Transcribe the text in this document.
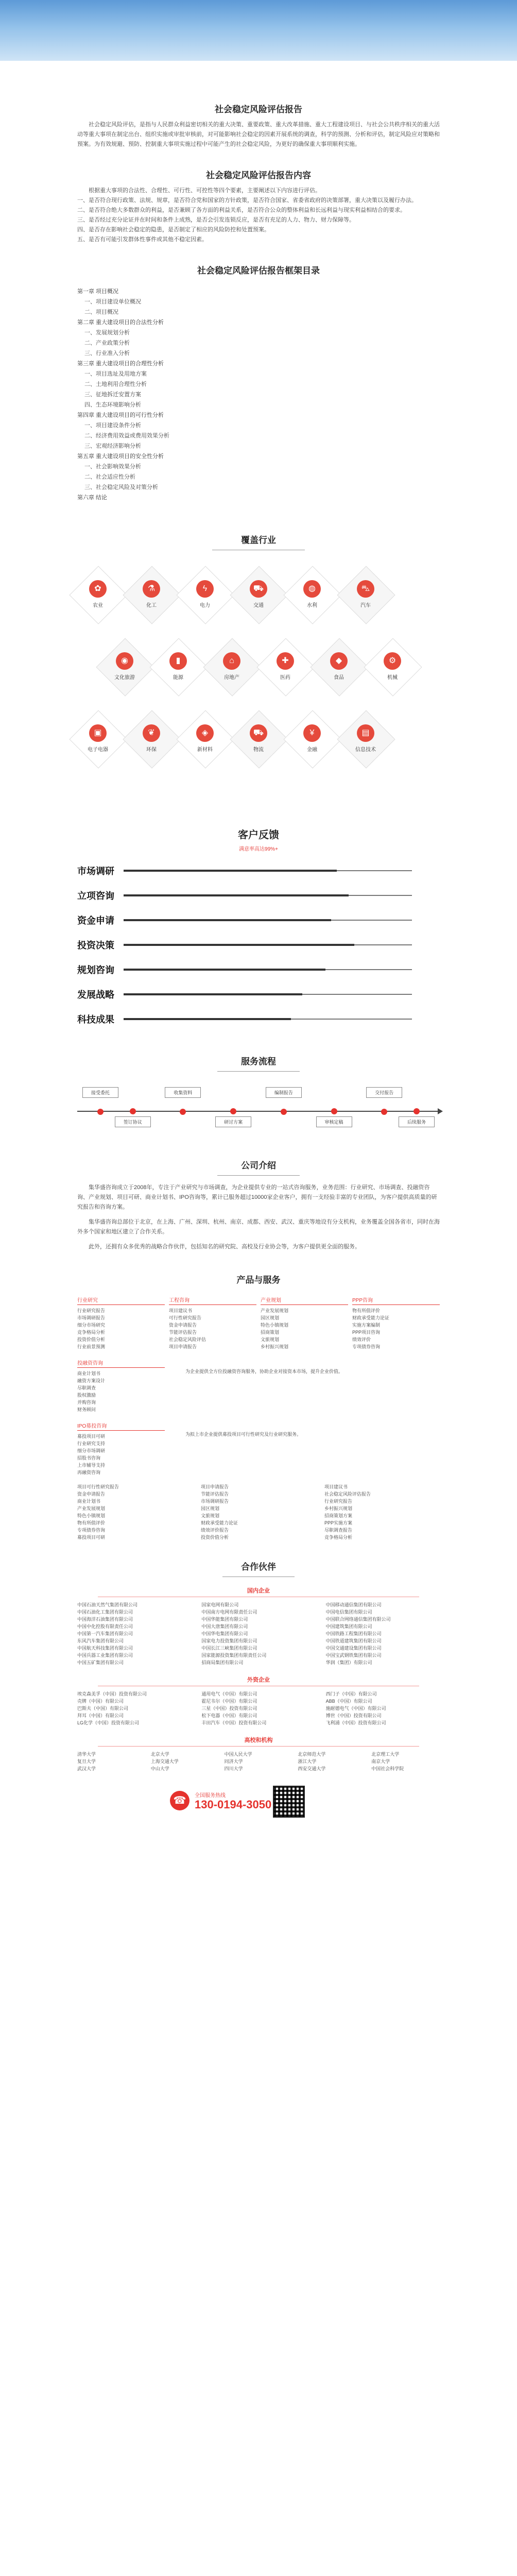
社会稳定风险评估报告

社会稳定风险评估，是指与人民群众利益密切相关的重大决策、重要政策、重大改革措施、重大工程建设项目、与社会公共秩序相关的重大活动等重大事项在制定出台、组织实施或审批审核前，对可能影响社会稳定的因素开展系统的调查，科学的预测、分析和评估，制定风险应对策略和预案。为有效规避、预防、控制重大事项实施过程中可能产生的社会稳定风险，为更好的确保重大事项顺利实施。

社会稳定风险评估报告内容

根据重大事项的合法性、合理性、可行性、可控性等四个要素，主要阐述以下内容进行评估。

一、是否符合现行政策、法规、规章，是否符合党和国家的方针政策，是否符合国家、省委省政府的决策部署，重大决策以及履行办法。

二、是否符合绝大多数群众的利益，是否兼顾了各方面的利益关系，是否符合公众的整体利益和长远利益与现实利益相结合的要求。

三、是否经过充分论证并在时间和条件上成熟，是否会引发连锁反应，是否有充足的人力、物力、财力保障等。

四、是否存在影响社会稳定的隐患，是否制定了相应的风险防控和处置预案。

五、是否有可能引发群体性事件或其他不稳定因素。

社会稳定风险评估报告框架目录
第一章 项目概况
一、项目建设单位概况
二、项目概况
第二章 重大建设项目的合法性分析
一、发展规划分析
二、产业政策分析
三、行业准入分析
第三章 重大建设项目的合理性分析
一、项目选址及用地方案
二、土地利用合理性分析
三、征地拆迁安置方案
四、生态环境影响分析
第四章 重大建设项目的可行性分析
一、项目建设条件分析
二、经济费用效益或费用效果分析
三、宏观经济影响分析
第五章 重大建设项目的安全性分析
一、社会影响效果分析
二、社会适应性分析
三、社会稳定风险及对策分析
第六章 结论
覆盖行业
✿
农业
⚗
化工
ϟ
电力
⛟
交通
◍
水利
⛍
汽车
◉
文化旅游
▮
能源
⌂
房地产
✚
医药
◆
食品
⚙
机械
▣
电子电器
❦
环保
◈
新材料
⛟
物流
¥
金融
▤
信息技术
客户反馈
满意率高达99%+
市场调研
立项咨询
资金申请
投资决策
规划咨询
发展战略
科技成果
服务流程
接受委托
签订协议
收集资料
研讨方案
编制报告
审核定稿
交付报告
后续服务
公司介绍

集华盛咨询成立于2008年，专注于产业研究与市场调查，为企业提供专业的一站式咨询服务，业务范围：行业研究、市场调查、投融资咨询、产业规划、项目可研、商业计划书、IPO咨询等，累计已服务超过10000家企业客户，拥有一支经验丰富的专业团队，为客户提供高质量的研究报告和咨询方案。

集华盛咨询总部位于北京，在上海、广州、深圳、杭州、南京、成都、西安、武汉、重庆等地设有分支机构，业务覆盖全国各省市，同时在海外多个国家和地区建立了合作关系。

此外，还拥有众多优秀的战略合作伙伴，包括知名的研究院、高校及行业协会等，为客户提供更全面的服务。

产品与服务
行业研究
行业研究报告
市场调研报告
细分市场研究
竞争格局分析
投资价值分析
行业前景预测
工程咨询
项目建议书
可行性研究报告
资金申请报告
节能评估报告
社会稳定风险评估
项目申请报告
产业规划
产业发展规划
园区规划
特色小镇规划
招商策划
文旅规划
乡村振兴规划
PPP咨询
物有所值评价
财政承受能力论证
实施方案编制
PPP项目咨询
绩效评价
专项债券咨询
投融资咨询
商业计划书
融资方案设计
尽职调查
股权激励
并购咨询
财务顾问
为企业提供全方位投融资咨询服务，协助企业对接资本市场，提升企业价值。
IPO募投咨询
募投项目可研
行业研究支持
细分市场调研
招股书咨询
上市辅导支持
再融资咨询
为拟上市企业提供募投项目可行性研究及行业研究服务。
项目可行性研究报告	项目申请报告	项目建议书
资金申请报告	节能评估报告	社会稳定风险评估报告
商业计划书	市场调研报告	行业研究报告
产业发展规划	园区规划	乡村振兴规划
特色小镇规划	文旅规划	招商策划方案
物有所值评价	财政承受能力论证	PPP实施方案
专项债券咨询	绩效评价报告	尽职调查报告
募投项目可研	投资价值分析	竞争格局分析
合作伙伴
国内企业
中国石油天然气集团有限公司	国家电网有限公司	中国移动通信集团有限公司
中国石油化工集团有限公司	中国南方电网有限责任公司	中国电信集团有限公司
中国海洋石油集团有限公司	中国华能集团有限公司	中国联合网络通信集团有限公司
中国中化控股有限责任公司	中国大唐集团有限公司	中国建筑集团有限公司
中国第一汽车集团有限公司	中国华电集团有限公司	中国铁路工程集团有限公司
东风汽车集团有限公司	国家电力投资集团有限公司	中国铁道建筑集团有限公司
中国航天科技集团有限公司	中国长江三峡集团有限公司	中国交通建设集团有限公司
中国兵器工业集团有限公司	国家能源投资集团有限责任公司	中国宝武钢铁集团有限公司
中国五矿集团有限公司	招商局集团有限公司	华润（集团）有限公司
外资企业
埃克森美孚（中国）投资有限公司	通用电气（中国）有限公司	西门子（中国）有限公司
壳牌（中国）有限公司	霍尼韦尔（中国）有限公司	ABB（中国）有限公司
巴斯夫（中国）有限公司	三星（中国）投资有限公司	施耐德电气（中国）有限公司
拜耳（中国）有限公司	松下电器（中国）有限公司	博世（中国）投资有限公司
LG化学（中国）投资有限公司	丰田汽车（中国）投资有限公司	飞利浦（中国）投资有限公司
高校和机构
清华大学	北京大学	中国人民大学	北京师范大学	北京理工大学
复旦大学	上海交通大学	同济大学	浙江大学	南京大学
武汉大学	中山大学	四川大学	西安交通大学	中国社会科学院
☎	全国服务热线
130-0194-3050
